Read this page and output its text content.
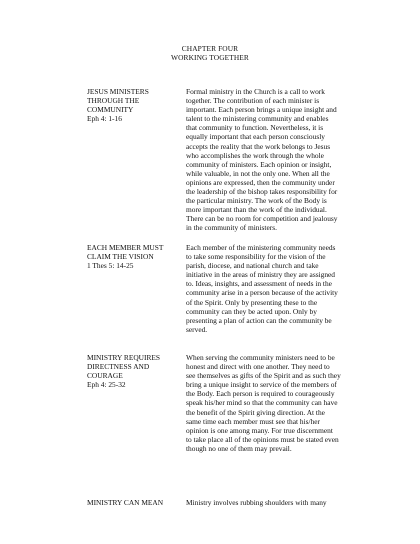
CHAPTER FOUR
WORKING TOGETHER
JESUS MINISTERS
THROUGH THE
COMMUNITY
Eph 4: 1-16
Formal ministry in the Church is a call to work
together. The contribution of each minister is
important. Each person brings a unique insight and
talent to the ministering community and enables
that community to function. Nevertheless, it is
equally important that each person consciously
accepts the reality that the work belongs to Jesus
who accomplishes the work through the whole
community of ministers. Each opinion or insight,
while valuable, in not the only one. When all the
opinions are expressed, then the community under
the leadership of the bishop takes responsibility for
the particular ministry. The work of the Body is
more important than the work of the individual.
There can be no room for competition and jealousy
in the community of ministers.
EACH MEMBER MUST
CLAIM THE VISION
1 Thes 5: 14-25
Each member of the ministering community needs
to take some responsibility for the vision of the
parish, diocese, and national church and take
initiative in the areas of ministry they are assigned
to. Ideas, insights, and assessment of needs in the
community arise in a person because of the activity
of the Spirit. Only by presenting these to the
community can they be acted upon. Only by
presenting a plan of action can the community be
served.
MINISTRY REQUIRES
DIRECTNESS AND
COURAGE
Eph 4: 25-32
When serving the community ministers need to be
honest and direct with one another. They need to
see themselves as gifts of the Spirit and as such they
bring a unique insight to service of the members of
the Body. Each person is required to courageously
speak his/her mind so that the community can have
the benefit of the Spirit giving direction. At the
same time each member must see that his/her
opinion is one among many. For true discernment
to take place all of the opinions must be stated even
though no one of them may prevail.
MINISTRY CAN MEAN	Ministry involves rubbing shoulders with many
